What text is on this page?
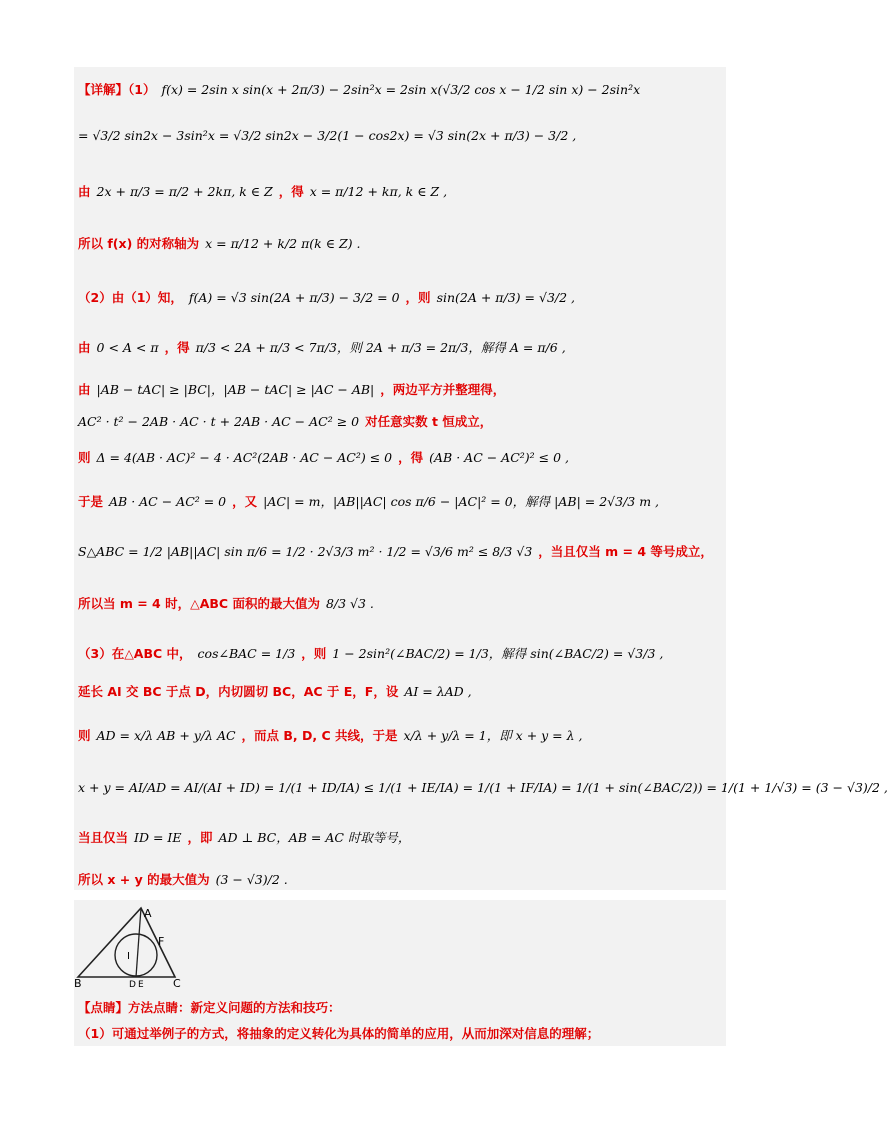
【详解】（1） f(x) = 2sin x sin(x + 2π/3) − 2sin²x = 2sin x(√3/2 cos x − 1/2 sin x) − 2sin²x
= √3/2 sin2x − 3sin²x = √3/2 sin2x − 3/2(1 − cos2x) = √3 sin(2x + π/3) − 3/2 ,
由 2x + π/3 = π/2 + 2kπ, k ∈ Z ，得 x = π/12 + kπ, k ∈ Z ,
所以 f(x) 的对称轴为 x = π/12 + k/2 π(k ∈ Z) .
（2）由（1）知， f(A) = √3 sin(2A + π/3) − 3/2 = 0 ，则 sin(2A + π/3) = √3/2 ,
由 0 < A < π ，得 π/3 < 2A + π/3 < 7π/3，则 2A + π/3 = 2π/3，解得 A = π/6 ,
由 |AB − tAC| ≥ |BC|，|AB − tAC| ≥ |AC − AB| ，两边平方并整理得，
AC² · t² − 2AB · AC · t + 2AB · AC − AC² ≥ 0 对任意实数 t 恒成立，
则 Δ = 4(AB · AC)² − 4 · AC²(2AB · AC − AC²) ≤ 0 ，得 (AB · AC − AC²)² ≤ 0 ,
于是 AB · AC − AC² = 0 ，又 |AC| = m，|AB||AC| cos π/6 − |AC|² = 0，解得 |AB| = 2√3/3 m ,
S△ABC = 1/2 |AB||AC| sin π/6 = 1/2 · 2√3/3 m² · 1/2 = √3/6 m² ≤ 8/3 √3 ，当且仅当 m = 4 等号成立，
所以当 m = 4 时，△ABC 面积的最大值为 8/3 √3 .
（3）在△ABC 中， cos∠BAC = 1/3 ，则 1 − 2sin²(∠BAC/2) = 1/3，解得 sin(∠BAC/2) = √3/3 ,
延长 AI 交 BC 于点 D，内切圆切 BC，AC 于 E，F，设 AI = λAD ,
则 AD = x/λ AB + y/λ AC ，而点 B, D, C 共线，于是 x/λ + y/λ = 1，即 x + y = λ ,
x + y = AI/AD = AI/(AI + ID) = 1/(1 + ID/IA) ≤ 1/(1 + IE/IA) = 1/(1 + IF/IA) = 1/(1 + sin(∠BAC/2)) = 1/(1 + 1/√3) = (3 − √3)/2 ,
当且仅当 ID = IE ，即 AD ⊥ BC，AB = AC 时取等号，
所以 x + y 的最大值为 (3 − √3)/2 .
A
B	C
F
I
D E
【点睛】方法点睛：新定义问题的方法和技巧：
（1）可通过举例子的方式，将抽象的定义转化为具体的简单的应用，从而加深对信息的理解；
